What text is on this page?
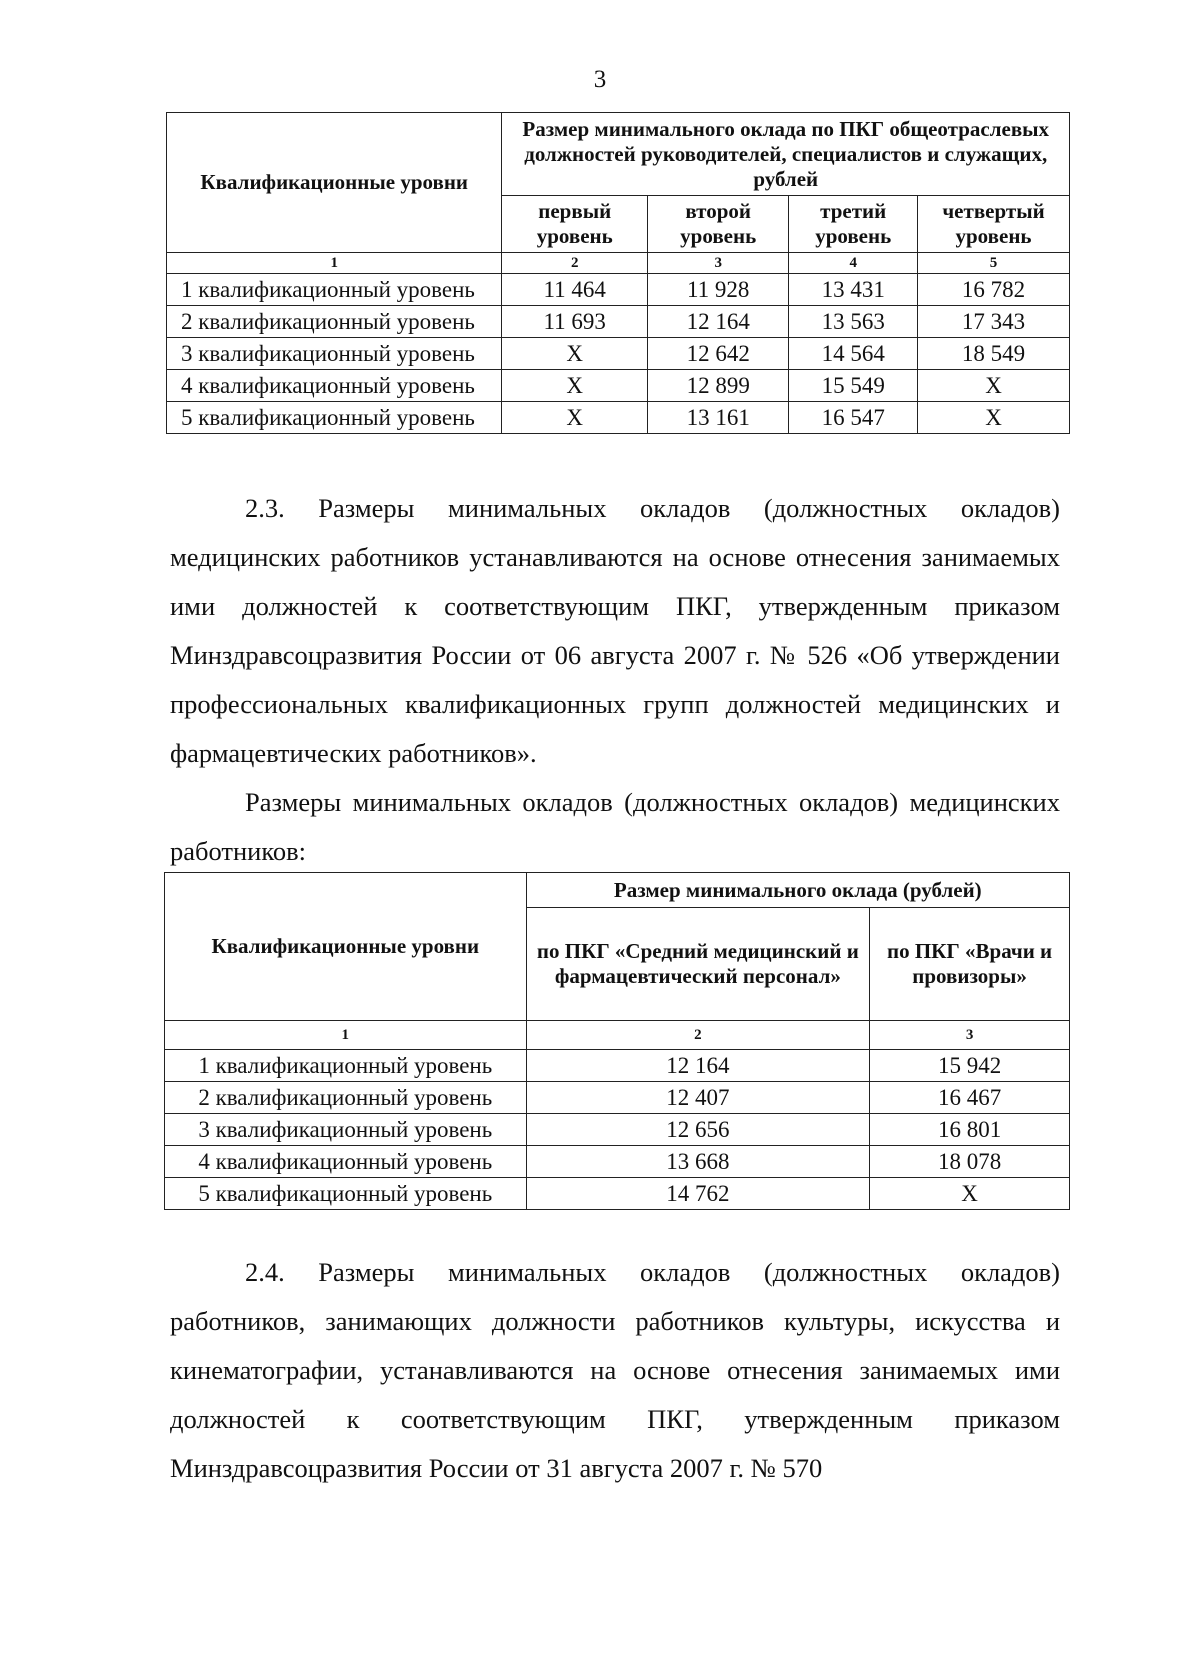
3
Квалификационные уровни	Размер минимального оклада по ПКГ общеотраслевых должностей руководителей, специалистов и служащих, рублей			
	первый уровень	второй уровень	третий уровень	четвертый уровень
1	2	3	4	5
1 квалификационный уровень	11 464	11 928	13 431	16 782
2 квалификационный уровень	11 693	12 164	13 563	17 343
3 квалификационный уровень	Х	12 642	14 564	18 549
4 квалификационный уровень	Х	12 899	15 549	Х
5 квалификационный уровень	Х	13 161	16 547	Х

2.3. Размеры минимальных окладов (должностных окладов) медицинских работников устанавливаются на основе отнесения занимаемых ими должностей к соответствующим ПКГ, утвержденным приказом Минздравсоцразвития России от 06 августа 2007 г. № 526 «Об утверждении профессиональных квалификационных групп должностей медицинских и фармацевтических работников».

Размеры минимальных окладов (должностных окладов) медицинских работников:

Квалификационные уровни	Размер минимального оклада (рублей)	
	по ПКГ «Средний медицинский и фармацевтический персонал»	по ПКГ «Врачи и провизоры»
1	2	3
1 квалификационный уровень	12 164	15 942
2 квалификационный уровень	12 407	16 467
3 квалификационный уровень	12 656	16 801
4 квалификационный уровень	13 668	18 078
5 квалификационный уровень	14 762	Х

2.4. Размеры минимальных окладов (должностных окладов) работников, занимающих должности работников культуры, искусства и кинематографии, устанавливаются на основе отнесения занимаемых ими должностей к соответствующим ПКГ, утвержденным приказом Минздравсоцразвития России от 31 августа 2007 г. № 570
